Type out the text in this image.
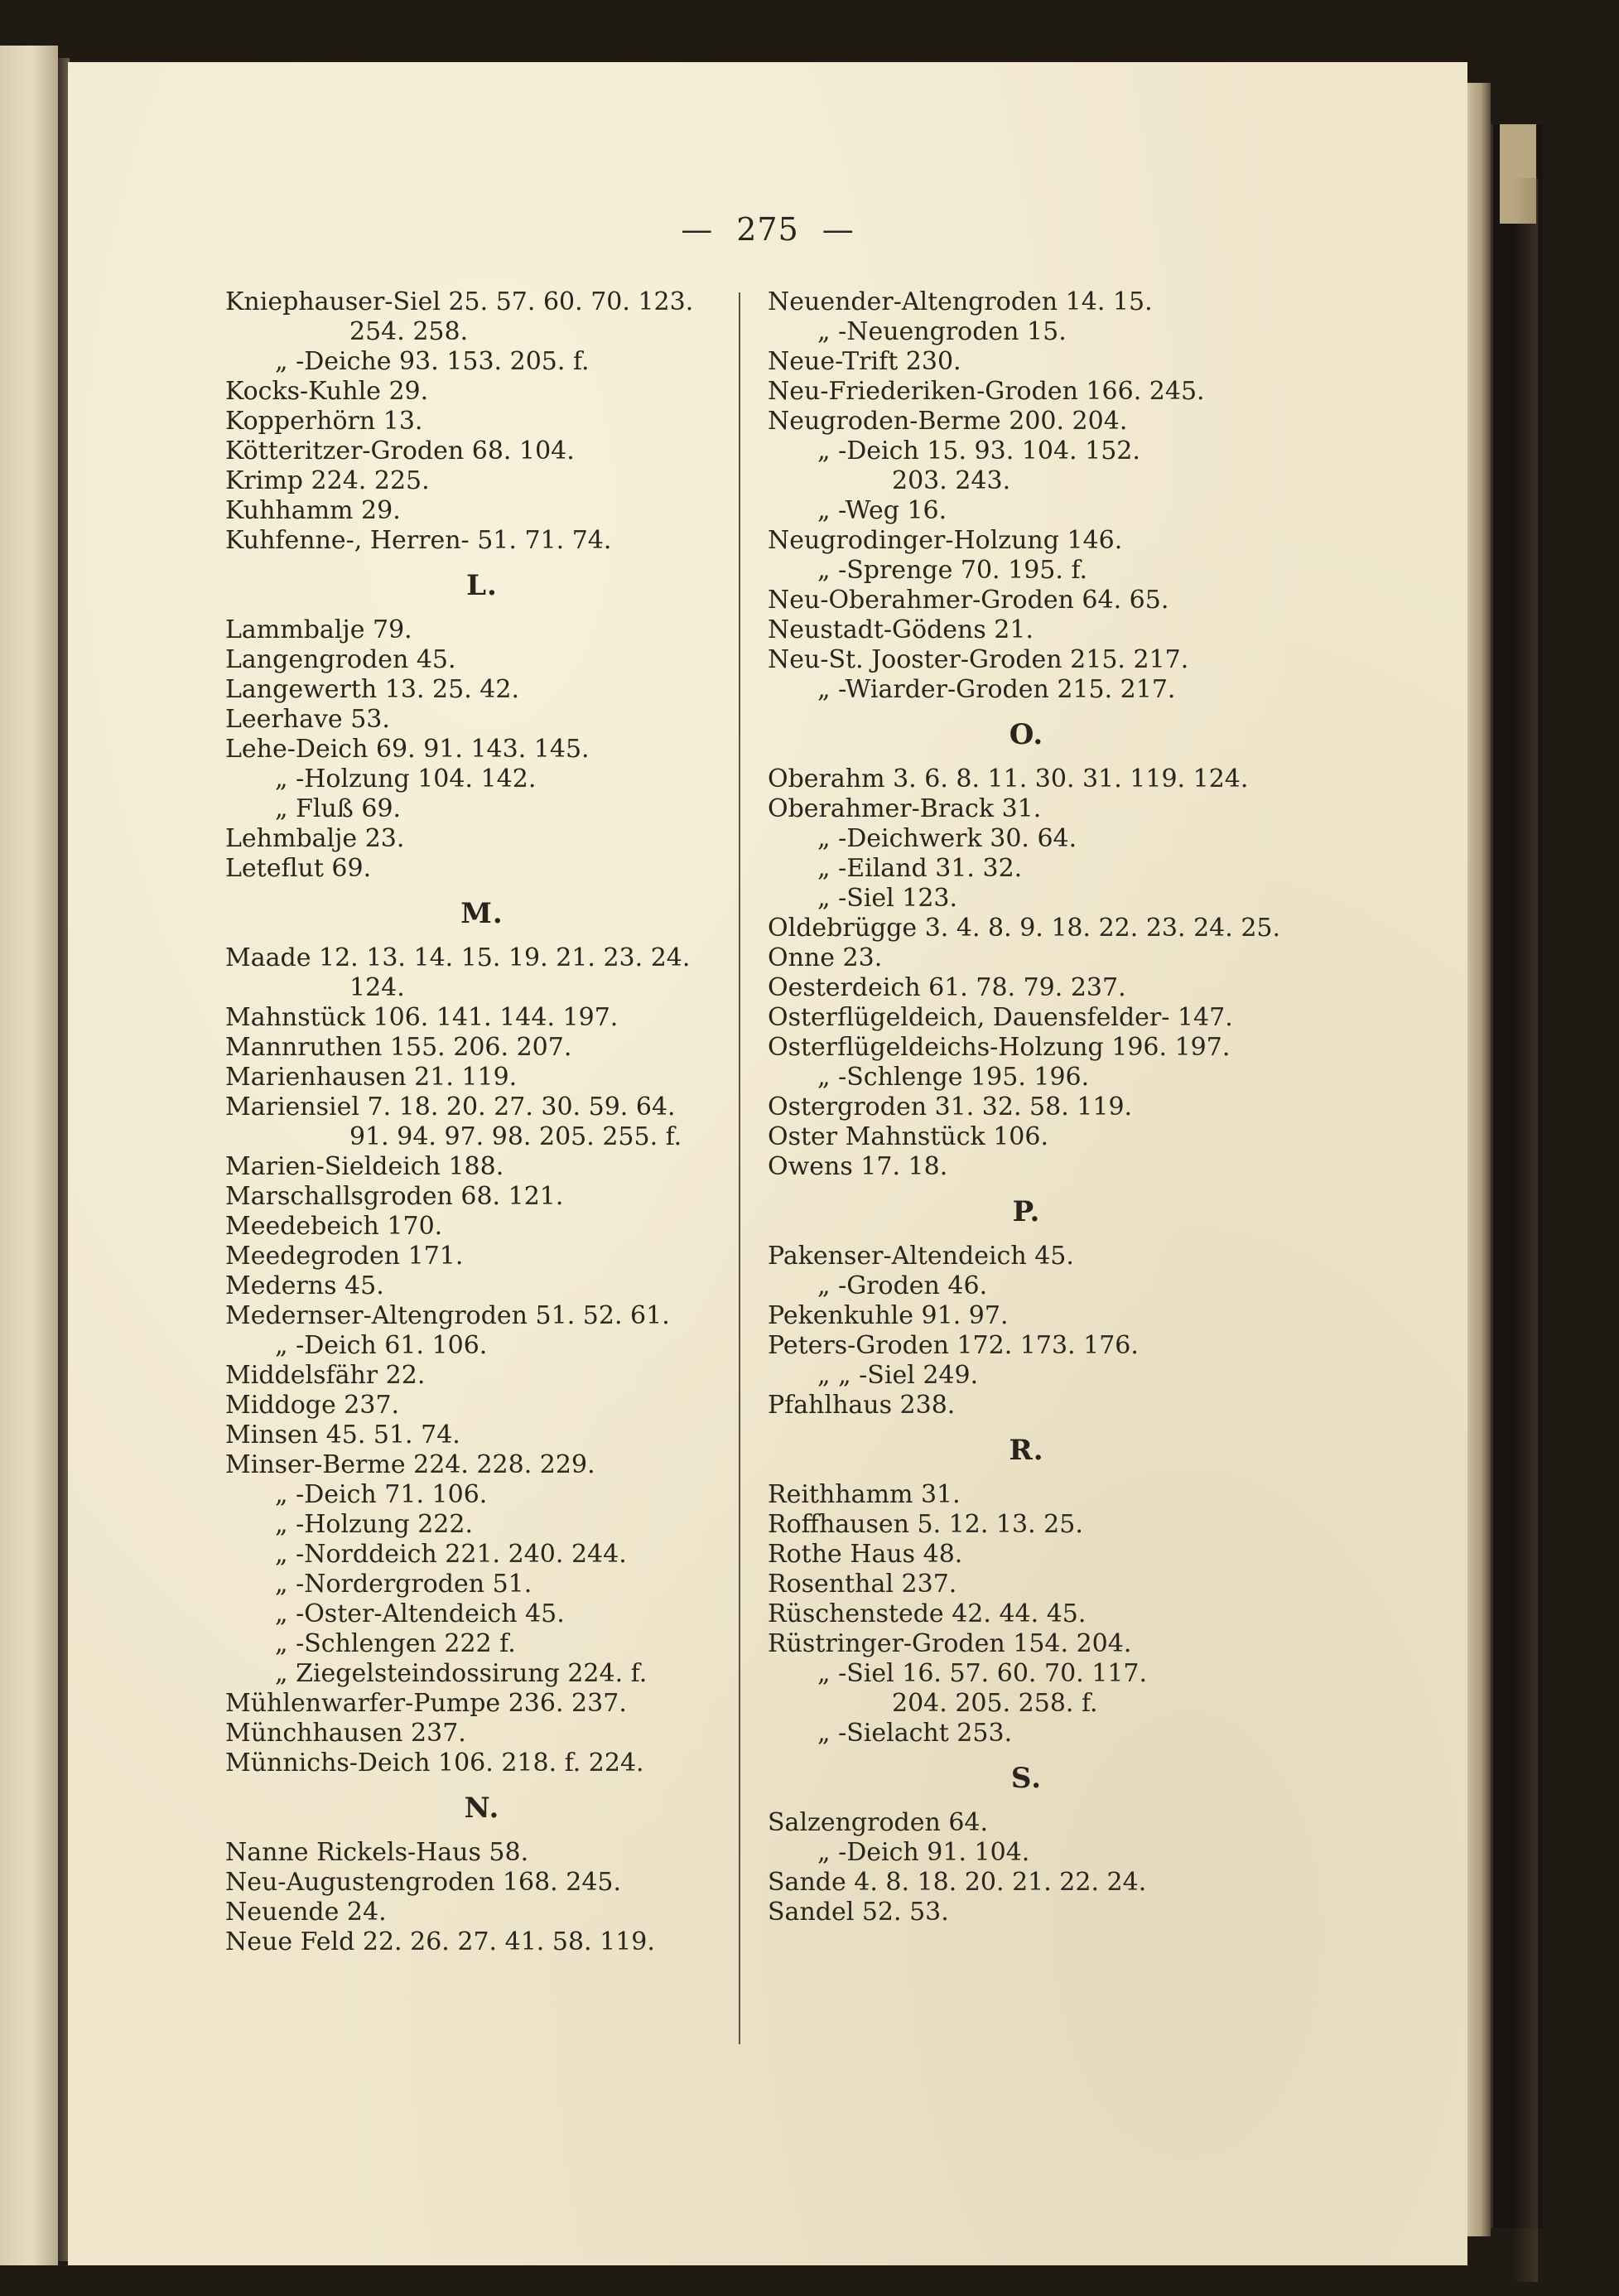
— 275 —
Kniephauser-Siel 25. 57. 60. 70. 123.
254. 258.
„ -Deiche 93. 153. 205. f.
Kocks-Kuhle 29.
Kopperhörn 13.
Kötteritzer-Groden 68. 104.
Krimp 224. 225.
Kuhhamm 29.
Kuhfenne-, Herren- 51. 71. 74.
L.
Lammbalje 79.
Langengroden 45.
Langewerth 13. 25. 42.
Leerhave 53.
Lehe-Deich 69. 91. 143. 145.
„ -Holzung 104. 142.
„ Fluß 69.
Lehmbalje 23.
Leteflut 69.
M.
Maade 12. 13. 14. 15. 19. 21. 23. 24.
124.
Mahnstück 106. 141. 144. 197.
Mannruthen 155. 206. 207.
Marienhausen 21. 119.
Mariensiel 7. 18. 20. 27. 30. 59. 64.
91. 94. 97. 98. 205. 255. f.
Marien-Sieldeich 188.
Marschallsgroden 68. 121.
Meedebeich 170.
Meedegroden 171.
Mederns 45.
Medernser-Altengroden 51. 52. 61.
„ -Deich 61. 106.
Middelsfähr 22.
Middoge 237.
Minsen 45. 51. 74.
Minser-Berme 224. 228. 229.
„ -Deich 71. 106.
„ -Holzung 222.
„ -Norddeich 221. 240. 244.
„ -Nordergroden 51.
„ -Oster-Altendeich 45.
„ -Schlengen 222 f.
„ Ziegelsteindossirung 224. f.
Mühlenwarfer-Pumpe 236. 237.
Münchhausen 237.
Münnichs-Deich 106. 218. f. 224.
N.
Nanne Rickels-Haus 58.
Neu-Augustengroden 168. 245.
Neuende 24.
Neue Feld 22. 26. 27. 41. 58. 119.
Neuender-Altengroden 14. 15.
„ -Neuengroden 15.
Neue-Trift 230.
Neu-Friederiken-Groden 166. 245.
Neugroden-Berme 200. 204.
„ -Deich 15. 93. 104. 152.
203. 243.
„ -Weg 16.
Neugrodinger-Holzung 146.
„ -Sprenge 70. 195. f.
Neu-Oberahmer-Groden 64. 65.
Neustadt-Gödens 21.
Neu-St. Jooster-Groden 215. 217.
„ -Wiarder-Groden 215. 217.
O.
Oberahm 3. 6. 8. 11. 30. 31. 119. 124.
Oberahmer-Brack 31.
„ -Deichwerk 30. 64.
„ -Eiland 31. 32.
„ -Siel 123.
Oldebrügge 3. 4. 8. 9. 18. 22. 23. 24. 25.
Onne 23.
Oesterdeich 61. 78. 79. 237.
Osterflügeldeich, Dauensfelder- 147.
Osterflügeldeichs-Holzung 196. 197.
„ -Schlenge 195. 196.
Ostergroden 31. 32. 58. 119.
Oster Mahnstück 106.
Owens 17. 18.
P.
Pakenser-Altendeich 45.
„ -Groden 46.
Pekenkuhle 91. 97.
Peters-Groden 172. 173. 176.
„ „ -Siel 249.
Pfahlhaus 238.
R.
Reithhamm 31.
Roffhausen 5. 12. 13. 25.
Rothe Haus 48.
Rosenthal 237.
Rüschenstede 42. 44. 45.
Rüstringer-Groden 154. 204.
„ -Siel 16. 57. 60. 70. 117.
204. 205. 258. f.
„ -Sielacht 253.
S.
Salzengroden 64.
„ -Deich 91. 104.
Sande 4. 8. 18. 20. 21. 22. 24.
Sandel 52. 53.
